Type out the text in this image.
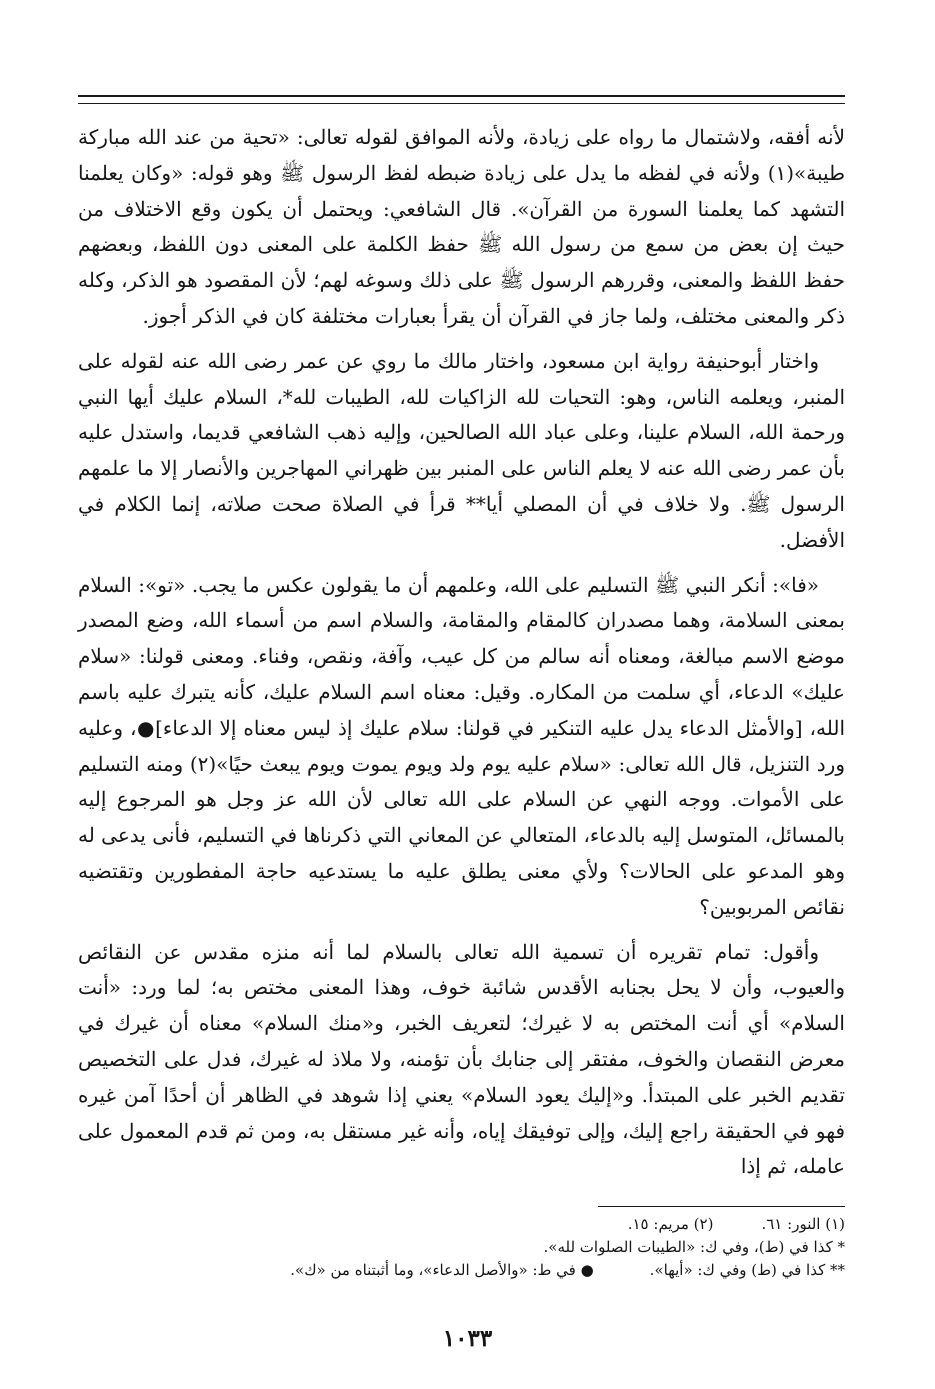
لأنه أفقه، ولاشتمال ما رواه على زيادة، ولأنه الموافق لقوله تعالى: «تحية من عند الله مباركة طيبة»(١) ولأنه في لفظه ما يدل على زيادة ضبطه لفظ الرسول ﷺ وهو قوله: «وكان يعلمنا التشهد كما يعلمنا السورة من القرآن». قال الشافعي: ويحتمل أن يكون وقع الاختلاف من حيث إن بعض من سمع من رسول الله ﷺ حفظ الكلمة على المعنى دون اللفظ، وبعضهم حفظ اللفظ والمعنى، وقررهم الرسول ﷺ على ذلك وسوغه لهم؛ لأن المقصود هو الذكر، وكله ذكر والمعنى مختلف، ولما جاز في القرآن أن يقرأ بعبارات مختلفة كان في الذكر أجوز.

واختار أبوحنيفة رواية ابن مسعود، واختار مالك ما روي عن عمر رضى الله عنه لقوله على المنبر، ويعلمه الناس، وهو: التحيات لله الزاكيات لله، الطيبات لله*، السلام عليك أيها النبي ورحمة الله، السلام علينا، وعلى عباد الله الصالحين، وإليه ذهب الشافعي قديما، واستدل عليه بأن عمر رضى الله عنه لا يعلم الناس على المنبر بين ظهراني المهاجرين والأنصار إلا ما علمهم الرسول ﷺ. ولا خلاف في أن المصلي أيا** قرأ في الصلاة صحت صلاته، إنما الكلام في الأفضل.

«فا»: أنكر النبي ﷺ التسليم على الله، وعلمهم أن ما يقولون عكس ما يجب. «تو»: السلام بمعنى السلامة، وهما مصدران كالمقام والمقامة، والسلام اسم من أسماء الله، وضع المصدر موضع الاسم مبالغة، ومعناه أنه سالم من كل عيب، وآفة، ونقص، وفناء. ومعنى قولنا: «سلام عليك» الدعاء، أي سلمت من المكاره. وقيل: معناه اسم السلام عليك، كأنه يتبرك عليه باسم الله، [والأمثل الدعاء يدل عليه التنكير في قولنا: سلام عليك إذ ليس معناه إلا الدعاء]●، وعليه ورد التنزيل، قال الله تعالى: «سلام عليه يوم ولد ويوم يموت ويوم يبعث حيًا»(٢) ومنه التسليم على الأموات. ووجه النهي عن السلام على الله تعالى لأن الله عز وجل هو المرجوع إليه بالمسائل، المتوسل إليه بالدعاء، المتعالي عن المعاني التي ذكرناها في التسليم، فأنى يدعى له وهو المدعو على الحالات؟ ولأي معنى يطلق عليه ما يستدعيه حاجة المفطورين وتقتضيه نقائص المربوبين؟

وأقول: تمام تقريره أن تسمية الله تعالى بالسلام لما أنه منزه مقدس عن النقائص والعيوب، وأن لا يحل بجنابه الأقدس شائبة خوف، وهذا المعنى مختص به؛ لما ورد: «أنت السلام» أي أنت المختص به لا غيرك؛ لتعريف الخبر، و«منك السلام» معناه أن غيرك في معرض النقصان والخوف، مفتقر إلى جنابك بأن تؤمنه، ولا ملاذ له غيرك، فدل على التخصيص تقديم الخبر على المبتدأ. و«إليك يعود السلام» يعني إذا شوهد في الظاهر أن أحدًا آمن غيره فهو في الحقيقة راجع إليك، وإلى توفيقك إياه، وأنه غير مستقل به، ومن ثم قدم المعمول على عامله، ثم إذا

(١) النور: ٦١.(٢) مريم: ١٥.
* كذا في (ط)، وفي ك: «الطيبات الصلوات لله».
** كذا في (ط) وفي ك: «أيها».● في ط: «والأصل الدعاء»، وما أثبتناه من «ك».
١٠٣٣
